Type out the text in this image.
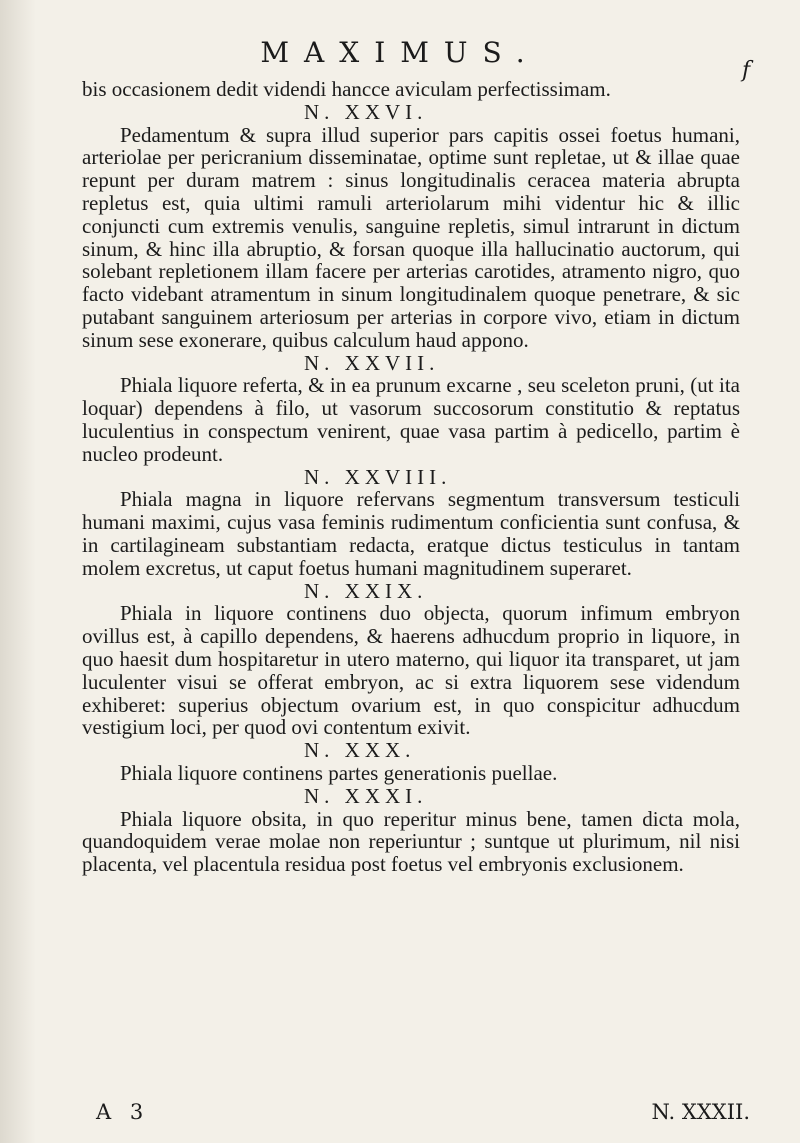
MAXIMUS.
f

bis occasionem dedit videndi hancce aviculam perfectissimam.

N. XXVI.

Pedamentum & supra illud superior pars capitis ossei foetus humani, arteriolae per pericranium disseminatae, optime sunt repletae, ut & illae quae repunt per duram matrem : sinus longitudinalis ceracea materia abrupta repletus est, quia ultimi ramuli arteriolarum mihi videntur hic & illic conjuncti cum extremis venulis, sanguine repletis, simul intrarunt in dictum sinum, & hinc illa abruptio, & forsan quoque illa hallucinatio auctorum, qui solebant repletionem illam facere per arterias carotides, atramento nigro, quo facto videbant atramentum in sinum longitudinalem quoque penetrare, & sic putabant sanguinem arteriosum per arterias in corpore vivo, etiam in dictum sinum sese exonerare, quibus calculum haud appono.

N. XXVII.

Phiala liquore referta, & in ea prunum excarne , seu sceleton pruni, (ut ita loquar) dependens à filo, ut vasorum succosorum constitutio & reptatus luculentius in conspectum venirent, quae vasa partim à pedicello, partim è nucleo prodeunt.

N. XXVIII.

Phiala magna in liquore refervans segmentum transversum testiculi humani maximi, cujus vasa feminis rudimentum conficientia sunt confusa, & in cartilagineam substantiam redacta, eratque dictus testiculus in tantam molem excretus, ut caput foetus humani magnitudinem superaret.

N. XXIX.

Phiala in liquore continens duo objecta, quorum infimum embryon ovillus est, à capillo dependens, & haerens adhucdum proprio in liquore, in quo haesit dum hospitaretur in utero materno, qui liquor ita transparet, ut jam luculenter visui se offerat embryon, ac si extra liquorem sese videndum exhiberet: superius objectum ovarium est, in quo conspicitur adhucdum vestigium loci, per quod ovi contentum exivit.

N. XXX.

Phiala liquore continens partes generationis puellae.

N. XXXI.

Phiala liquore obsita, in quo reperitur minus bene, tamen dicta mola, quandoquidem verae molae non reperiuntur ; suntque ut plurimum, nil nisi placenta, vel placentula residua post foetus vel embryonis exclusionem.

A 3	N. XXXII.
